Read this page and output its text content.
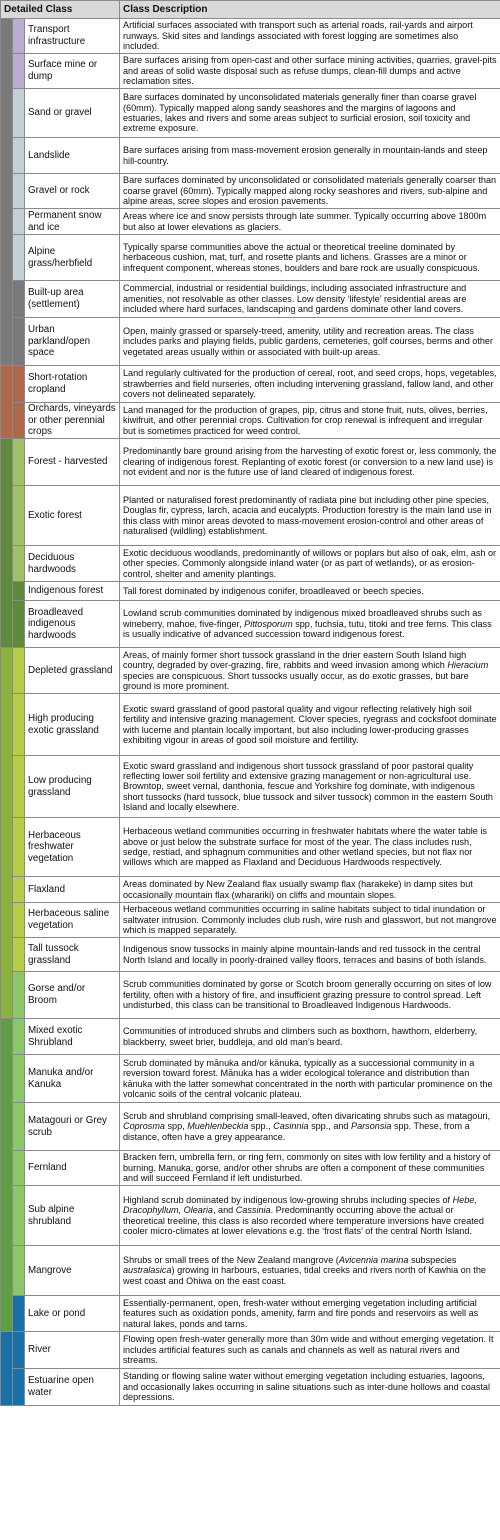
Detailed Class			Class Description
		Transport infrastructure	Artificial surfaces associated with transport such as arterial roads, rail-yards and airport runways. Skid sites and landings associated with forest logging are sometimes also included.
		Surface mine or dump	Bare surfaces arising from open-cast and other surface mining activities, quarries, gravel-pits and areas of solid waste disposal such as refuse dumps, clean-fill dumps and active reclamation sites.
		Sand or gravel	Bare surfaces dominated by unconsolidated materials generally finer than coarse gravel (60mm). Typically mapped along sandy seashores and the margins of lagoons and estuaries, lakes and rivers and some areas subject to surficial erosion, soil toxicity and extreme exposure.
		Landslide	Bare surfaces arising from mass-movement erosion generally in mountain-lands and steep hill-country.
		Gravel or rock	Bare surfaces dominated by unconsolidated or consolidated materials generally coarser than coarse gravel (60mm). Typically mapped along rocky seashores and rivers, sub-alpine and alpine areas, scree slopes and erosion pavements.
		Permanent snow and ice	Areas where ice and snow persists through late summer. Typically occurring above 1800m but also at lower elevations as glaciers.
		Alpine grass/herbfield	Typically sparse communities above the actual or theoretical treeline dominated by herbaceous cushion, mat, turf, and rosette plants and lichens. Grasses are a minor or infrequent component, whereas stones, boulders and bare rock are usually conspicuous.
		Built-up area (settlement)	Commercial, industrial or residential buildings, including associated infrastructure and amenities, not resolvable as other classes. Low density ‘lifestyle’ residential areas are included where hard surfaces, landscaping and gardens dominate other land covers.
		Urban parkland/open space	Open, mainly grassed or sparsely-treed, amenity, utility and recreation areas. The class includes parks and playing fields, public gardens, cemeteries, golf courses, berms and other vegetated areas usually within or associated with built-up areas.
		Short-rotation cropland	Land regularly cultivated for the production of cereal, root, and seed crops, hops, vegetables, strawberries and field nurseries, often including intervening grassland, fallow land, and other covers not delineated separately.
		Orchards, vineyards or other perennial crops	Land managed for the production of grapes, pip, citrus and stone fruit, nuts, olives, berries, kiwifruit, and other perennial crops. Cultivation for crop renewal is infrequent and irregular but is sometimes practiced for weed control.
		Forest - harvested	Predominantly bare ground arising from the harvesting of exotic forest or, less commonly, the clearing of indigenous forest. Replanting of exotic forest (or conversion to a new land use) is not evident and nor is the future use of land cleared of indigenous forest.
		Exotic forest	Planted or naturalised forest predominantly of radiata pine but including other pine species, Douglas fir, cypress, larch, acacia and eucalypts. Production forestry is the main land use in this class with minor areas devoted to mass-movement erosion-control and other areas of naturalised (wildling) establishment.
		Deciduous hardwoods	Exotic deciduous woodlands, predominantly of willows or poplars but also of oak, elm, ash or other species. Commonly alongside inland water (or as part of wetlands), or as erosion-control, shelter and amenity plantings.
		Indigenous forest	Tall forest dominated by indigenous conifer, broadleaved or beech species.
		Broadleaved indigenous hardwoods	Lowland scrub communities dominated by indigenous mixed broadleaved shrubs such as wineberry, mahoe, five-finger, Pittosporum spp, fuchsia, tutu, titoki and tree ferns. This class is usually indicative of advanced succession toward indigenous forest.
		Depleted grassland	Areas, of mainly former short tussock grassland in the drier eastern South Island high country, degraded by over-grazing, fire, rabbits and weed invasion among which Hieracium species are conspicuous. Short tussocks usually occur, as do exotic grasses, but bare ground is more prominent.
		High producing exotic grassland	Exotic sward grassland of good pastoral quality and vigour reflecting relatively high soil fertility and intensive grazing management. Clover species, ryegrass and cocksfoot dominate with lucerne and plantain locally important, but also including lower-producing grasses exhibiting vigour in areas of good soil moisture and fertility.
		Low producing grassland	Exotic sward grassland and indigenous short tussock grassland of poor pastoral quality reflecting lower soil fertility and extensive grazing management or non-agricultural use. Browntop, sweet vernal, danthonia, fescue and Yorkshire fog dominate, with indigenous short tussocks (hard tussock, blue tussock and silver tussock) common in the eastern South Island and locally elsewhere.
		Herbaceous freshwater vegetation	Herbaceous wetland communities occurring in freshwater habitats where the water table is above or just below the substrate surface for most of the year. The class includes rush, sedge, restiad, and sphagnum communities and other wetland species, but not flax nor willows which are mapped as Flaxland and Deciduous Hardwoods respectively.
		Flaxland	Areas dominated by New Zealand flax usually swamp flax (harakeke) in damp sites but occasionally mountain flax (wharariki) on cliffs and mountain slopes.
		Herbaceous saline vegetation	Herbaceous wetland communities occurring in saline habitats subject to tidal inundation or saltwater intrusion. Commonly includes club rush, wire rush and glasswort, but not mangrove which is mapped separately.
		Tall tussock grassland	Indigenous snow tussocks in mainly alpine mountain-lands and red tussock in the central North Island and locally in poorly-drained valley floors, terraces and basins of both islands.
		Gorse and/or Broom	Scrub communities dominated by gorse or Scotch broom generally occurring on sites of low fertility, often with a history of fire, and insufficient grazing pressure to control spread. Left undisturbed, this class can be transitional to Broadleaved Indigenous Hardwoods.
		Mixed exotic Shrubland	Communities of introduced shrubs and climbers such as boxthorn, hawthorn, elderberry, blackberry, sweet brier, buddleja, and old man’s beard.
		Manuka and/or Kanuka	Scrub dominated by mānuka and/or kānuka, typically as a successional community in a reversion toward forest. Mānuka has a wider ecological tolerance and distribution than kānuka with the latter somewhat concentrated in the north with particular prominence on the volcanic soils of the central volcanic plateau.
		Matagouri or Grey scrub	Scrub and shrubland comprising small-leaved, often divaricating shrubs such as matagouri, Coprosma spp, Muehlenbeckia spp., Casinnia spp., and Parsonsia spp. These, from a distance, often have a grey appearance.
		Fernland	Bracken fern, umbrella fern, or ring fern, commonly on sites with low fertility and a history of burning. Manuka, gorse, and/or other shrubs are often a component of these communities and will succeed Fernland if left undisturbed.
		Sub alpine shrubland	Highland scrub dominated by indigenous low-growing shrubs including species of Hebe, Dracophyllum, Olearia, and Cassinia. Predominantly occurring above the actual or theoretical treeline, this class is also recorded where temperature inversions have created cooler micro-climates at lower elevations e.g. the ‘frost flats’ of the central North Island.
		Mangrove	Shrubs or small trees of the New Zealand mangrove (Avicennia marina subspecies australasica) growing in harbours, estuaries, tidal creeks and rivers north of Kawhia on the west coast and Ohiwa on the east coast.
		Lake or pond	Essentially-permanent, open, fresh-water without emerging vegetation including artificial features such as oxidation ponds, amenity, farm and fire ponds and reservoirs as well as natural lakes, ponds and tarns.
		River	Flowing open fresh-water generally more than 30m wide and without emerging vegetation. It includes artificial features such as canals and channels as well as natural rivers and streams.
		Estuarine open water	Standing or flowing saline water without emerging vegetation including estuaries, lagoons, and occasionally lakes occurring in saline situations such as inter-dune hollows and coastal depressions.
